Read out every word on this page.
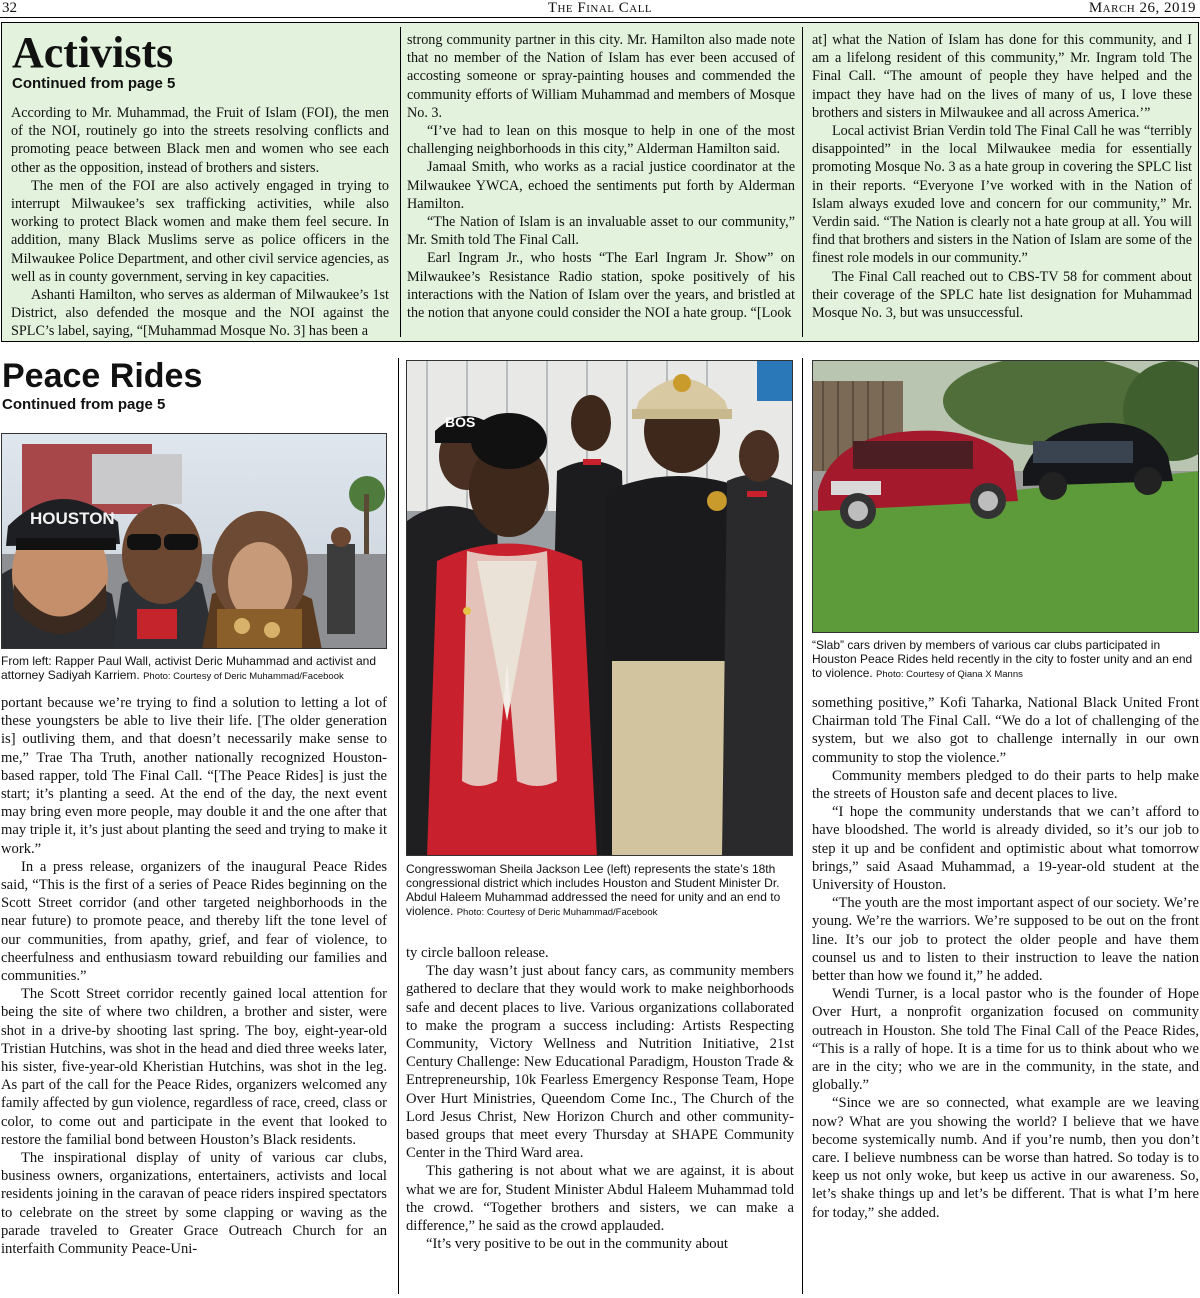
32	The Final Call	March 26, 2019
Activists
Continued from page 5

According to Mr. Muhammad, the Fruit of Islam (FOI), the men of the NOI, routinely go into the streets resolving conflicts and promoting peace between Black men and women who see each other as the opposition, instead of brothers and sisters.

The men of the FOI are also actively engaged in trying to interrupt Milwaukee’s sex trafficking activities, while also working to protect Black women and make them feel secure. In addition, many Black Muslims serve as police officers in the Milwaukee Police Department, and other civil service agencies, as well as in county government, serving in key capacities.

Ashanti Hamilton, who serves as alderman of Milwaukee’s 1st District, also defended the mosque and the NOI against the SPLC’s label, saying, “[Muhammad Mosque No. 3] has been a

strong community partner in this city. Mr. Hamilton also made note that no member of the Nation of Islam has ever been accused of accosting someone or spray-painting houses and commended the community efforts of William Muhammad and members of Mosque No. 3.

“I’ve had to lean on this mosque to help in one of the most challenging neighborhoods in this city,” Alderman Hamilton said.

Jamaal Smith, who works as a racial justice coordinator at the Milwaukee YWCA, echoed the sentiments put forth by Alderman Hamilton.

“The Nation of Islam is an invaluable asset to our community,” Mr. Smith told The Final Call.

Earl Ingram Jr., who hosts “The Earl Ingram Jr. Show” on Milwaukee’s Resistance Radio station, spoke positively of his interactions with the Nation of Islam over the years, and bristled at the notion that anyone could consider the NOI a hate group. “[Look

at] what the Nation of Islam has done for this community, and I am a lifelong resident of this community,” Mr. Ingram told The Final Call. “The amount of people they have helped and the impact they have had on the lives of many of us, I love these brothers and sisters in Milwaukee and all across America.’”

Local activist Brian Verdin told The Final Call he was “terribly disappointed” in the local Milwaukee media for essentially promoting Mosque No. 3 as a hate group in covering the SPLC list in their reports. “Everyone I’ve worked with in the Nation of Islam always exuded love and concern for our community,” Mr. Verdin said. “The Nation is clearly not a hate group at all. You will find that brothers and sisters in the Nation of Islam are some of the finest role models in our community.”

The Final Call reached out to CBS-TV 58 for comment about their coverage of the SPLC hate list designation for Muhammad Mosque No. 3, but was unsuccessful.

Peace Rides
Continued from page 5
HOUSTON
From left: Rapper Paul Wall, activist Deric Muhammad and activist and attorney Sadiyah Karriem. Photo: Courtesy of Deric Muhammad/Facebook
BOS
Congresswoman Sheila Jackson Lee (left) represents the state’s 18th congressional district which includes Houston and Student Minister Dr. Abdul Haleem Muhammad addressed the need for unity and an end to violence. Photo: Courtesy of Deric Muhammad/Facebook
“Slab” cars driven by members of various car clubs participated in Houston Peace Rides held recently in the city to foster unity and an end to violence. Photo: Courtesy of Qiana X Manns

portant because we’re trying to find a solution to letting a lot of these youngsters be able to live their life. [The older generation is] outliving them, and that doesn’t necessarily make sense to me,” Trae Tha Truth, another nationally recognized Houston-based rapper, told The Final Call. “[The Peace Rides] is just the start; it’s planting a seed. At the end of the day, the next event may bring even more people, may double it and the one after that may triple it, it’s just about planting the seed and trying to make it work.”

In a press release, organizers of the inaugural Peace Rides said, “This is the first of a series of Peace Rides beginning on the Scott Street corridor (and other targeted neighborhoods in the near future) to promote peace, and thereby lift the tone level of our communities, from apathy, grief, and fear of violence, to cheerfulness and enthusiasm toward rebuilding our families and communities.”

The Scott Street corridor recently gained local attention for being the site of where two children, a brother and sister, were shot in a drive-by shooting last spring. The boy, eight-year-old Tristian Hutchins, was shot in the head and died three weeks later, his sister, five-year-old Kheristian Hutchins, was shot in the leg. As part of the call for the Peace Rides, organizers welcomed any family affected by gun violence, regardless of race, creed, class or color, to come out and participate in the event that looked to restore the familial bond between Houston’s Black residents.

The inspirational display of unity of various car clubs, business owners, organizations, entertainers, activists and local residents joining in the caravan of peace riders inspired spectators to celebrate on the street by some clapping or waving as the parade traveled to Greater Grace Outreach Church for an interfaith Community Peace-Uni-

ty circle balloon release.

The day wasn’t just about fancy cars, as community members gathered to declare that they would work to make neighborhoods safe and decent places to live. Various organizations collaborated to make the program a success including: Artists Respecting Community, Victory Wellness and Nutrition Initiative, 21st Century Challenge: New Educational Paradigm, Houston Trade & Entrepreneurship, 10k Fearless Emergency Response Team, Hope Over Hurt Ministries, Queendom Come Inc., The Church of the Lord Jesus Christ, New Horizon Church and other community-based groups that meet every Thursday at SHAPE Community Center in the Third Ward area.

This gathering is not about what we are against, it is about what we are for, Student Minister Abdul Haleem Muhammad told the crowd. “Together brothers and sisters, we can make a difference,” he said as the crowd applauded.

“It’s very positive to be out in the community about

something positive,” Kofi Taharka, National Black United Front Chairman told The Final Call. “We do a lot of challenging of the system, but we also got to challenge internally in our own community to stop the violence.”

Community members pledged to do their parts to help make the streets of Houston safe and decent places to live.

“I hope the community understands that we can’t afford to have bloodshed. The world is already divided, so it’s our job to step it up and be confident and optimistic about what tomorrow brings,” said Asaad Muhammad, a 19-year-old student at the University of Houston.

“The youth are the most important aspect of our society. We’re young. We’re the warriors. We’re supposed to be out on the front line. It’s our job to protect the older people and have them counsel us and to listen to their instruction to leave the nation better than how we found it,” he added.

Wendi Turner, is a local pastor who is the founder of Hope Over Hurt, a nonprofit organization focused on community outreach in Houston. She told The Final Call of the Peace Rides, “This is a rally of hope. It is a time for us to think about who we are in the city; who we are in the community, in the state, and globally.”

“Since we are so connected, what example are we leaving now? What are you showing the world? I believe that we have become systemically numb. And if you’re numb, then you don’t care. I believe numbness can be worse than hatred. So today is to keep us not only woke, but keep us active in our awareness. So, let’s shake things up and let’s be different. That is what I’m here for today,” she added.
